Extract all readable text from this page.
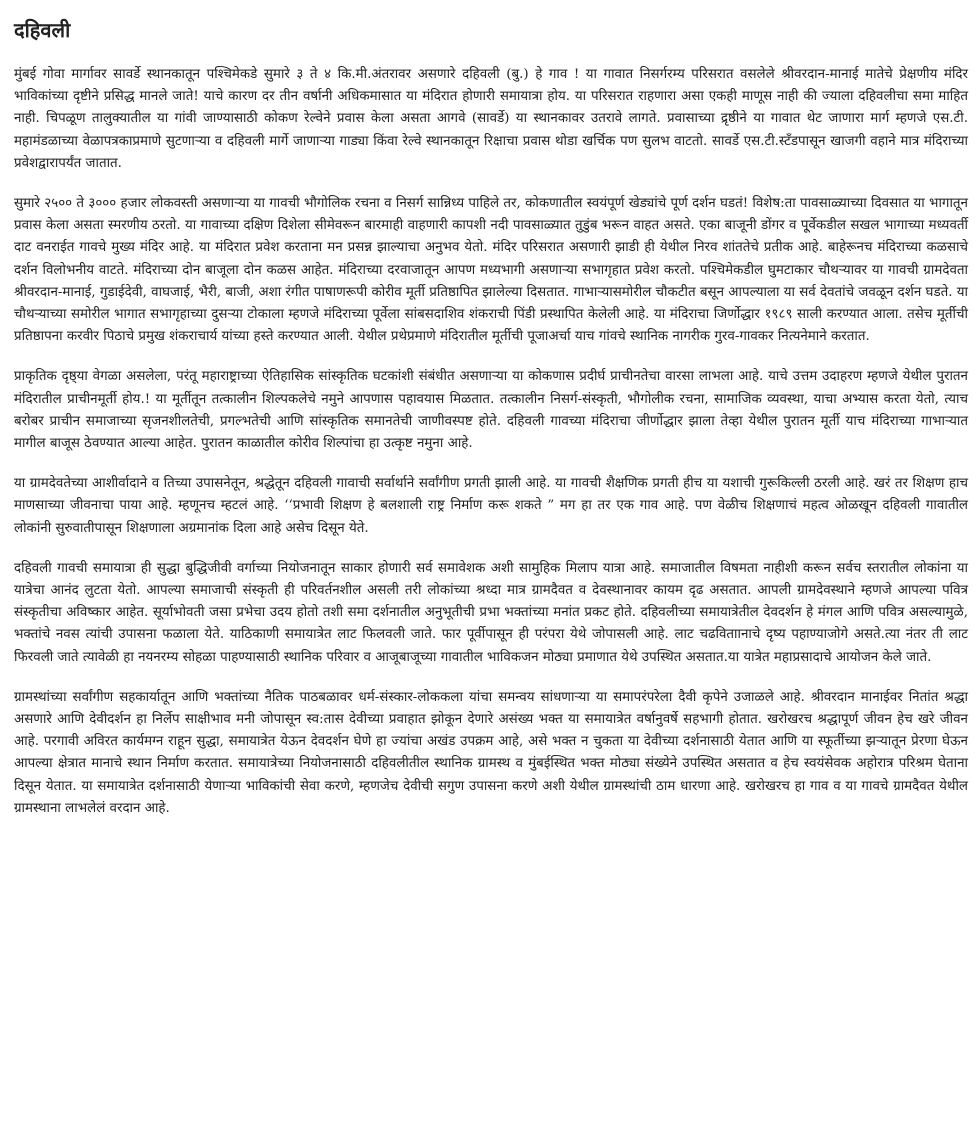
दहिवली

मुंबई गोवा मार्गावर सावर्डे स्थानकातून पश्चिमेकडे सुमारे ३ ते ४ कि.मी.अंतरावर असणारे दहिवली (बु.) हे गाव ! या गावात निसर्गरम्य परिसरात वसलेले श्रीवरदान-मानाई मातेचे प्रेक्षणीय मंदिर भाविकांच्या दृष्टीने प्रसिद्ध मानले जाते! याचे कारण दर तीन वर्षानी अधिकमासात या मंदिरात होणारी समायात्रा होय. या परिसरात राहणारा असा एकही माणूस नाही की ज्याला दहिवलीचा समा माहित नाही. चिपळूण तालुक्यातील या गांवी जाण्यासाठी कोकण रेल्वेने प्रवास केला असता आगवे (सावर्डे) या स्थानकावर उतरावे लागते. प्रवासाच्या द्रृष्ठीने या गावात थेट जाणारा मार्ग म्हणजे एस.टी. महामंडळाच्या वेळापत्रकाप्रमाणे सुटणाऱ्या व दहिवली मार्गे जाणाऱ्या गाड्या किंवा रेल्वे स्थानकातून रिक्षाचा प्रवास थोडा खर्चिक पण सुलभ वाटतो. सावर्डे एस.टी.स्टँडपासून खाजगी वहाने मात्र मंदिराच्या प्रवेशद्वारापर्यंत जातात.

सुमारे २५०० ते ३००० हजार लोकवस्ती असणाऱ्या या गावची भौगोलिक रचना व निसर्ग सान्निध्य पाहिले तर, कोकणातील स्वयंपूर्ण खेड्यांचे पूर्ण दर्शन घडतं! विशेष:ता पावसाळ्याच्या दिवसात या भागातून प्रवास केला असता स्मरणीय ठरतो. या गावाच्या दक्षिण दिशेला सीमेवरून बारमाही वाहणारी कापशी नदी पावसाळ्यात तुडुंब भरून वाहत असते. एका बाजूनी डोंगर व पू्र्वेकडील सखल भागाच्या मध्यवर्ती दाट वनराईत गावचे मुख्य मंदिर आहे. या मंदिरात प्रवेश करताना मन प्रसन्न झाल्याचा अनुभव येतो. मंदिर परिसरात असणारी झाडी ही येथील निरव शांततेचे प्रतीक आहे. बाहेरूनच मंदिराच्या कळसाचे दर्शन विलोभनीय वाटते. मंदिराच्या दोन बाजूला दोन कळस आहेत. मंदिराच्या दरवाजातून आपण मध्यभागी असणाऱ्या सभागृहात प्रवेश करतो. पश्चिमेकडील घुमटाकार चौथऱ्यावर या गावची ग्रामदेवता श्रीवरदान-मानाई, गुडाईदेवी, वाघजाई, भैरी, बाजी, अशा रंगीत पाषाणरूपी कोरीव मूर्ती प्रतिष्ठापित झालेल्या दिसतात. गाभाऱ्यासमोरील चौकटीत बसून आपल्याला या सर्व देवतांचे जवळून दर्शन घडते. या चौथऱ्याच्या समोरील भागात सभागृहाच्या दुसऱ्या टोकाला म्हणजे मंदिराच्या पूर्वेला सांबसदाशिव शंकराची पिंडी प्रस्थापित केलेली आहे. या मंदिराचा जिर्णोद्धार १९८९ साली करण्यात आला. तसेच मूर्तीची प्रतिष्ठापना करवीर पिठाचे प्रमुख शंकराचार्य यांच्या हस्ते करण्यात आली. येथील प्रथेप्रमाणे मंदिरातील मूर्तीची पूजाअर्चा याच गांवचे स्थानिक नागरीक गुरव-गावकर नित्यनेमाने करतात.

प्राकृतिक दृष्ठ्या वेगळा असलेला, परंतू महाराष्ट्राच्या ऐतिहासिक सांस्कृतिक घटकांशी संबंधीत असणाऱ्या या कोकणास प्रदीर्घ प्राचीनतेचा वारसा लाभला आहे. याचे उत्तम उदाहरण म्हणजे येथील पुरातन मंदिरातील प्राचीनमूर्ती होय.! या मूर्तीतून तत्कालीन शिल्पकलेचे नमुने आपणास पहावयास मिळतात. तत्कालीन निसर्ग-संस्कृती, भौगोलीक रचना, सामाजिक व्यवस्था, याचा अभ्यास करता येतो, त्याच बरोबर प्राचीन समाजाच्या सृजनशीलतेची, प्रगल्भतेची आणि सांस्कृतिक समानतेची जाणीवस्पष्ट होते. दहिवली गावच्या मंदिराचा जीर्णोद्धार झाला तेव्हा येथील पुरातन मूर्ती याच मंदिराच्या गाभाऱ्यात मागील बाजूस ठेवण्यात आल्या आहेत. पुरातन काळातील कोरीव शिल्पांचा हा उत्कृष्ट नमुना आहे.

या ग्रामदेवतेच्या आशीर्वादाने व तिच्या उपासनेतून, श्रद्धेतून दहिवली गावाची सर्वार्थाने सर्वांगीण प्रगती झाली आहे. या गावची शैक्षणिक प्रगती हीच या यशाची गुरूकिल्ली ठरली आहे. खरं तर शिक्षण हाच माणसाच्या जीवनाचा पाया आहे. म्हणूनच म्हटलं आहे. ‘‘प्रभावी शिक्षण हे बलशाली राष्ट्र निर्माण करू शकते ” मग हा तर एक गाव आहे. पण वेळीच शिक्षणाचं महत्व ओळखून दहिवली गावातील लोकांनी सुरुवातीपासून शिक्षणाला अग्रमानांक दिला आहे असेच दिसून येते.

दहिवली गावची समायात्रा ही सुद्धा बुद्धिजीवी वर्गाच्या नियोजनातून साकार होणारी सर्व समावेशक अशी सामुहिक मिलाप यात्रा आहे. समाजातील विषमता नाहीशी करून सर्वच स्तरातील लोकांना या यात्रेचा आनंद लुटता येतो. आपल्या समाजाची संस्कृती ही परिवर्तनशील असली तरी लोकांच्या श्रध्दा मात्र ग्रामदैवत व देवस्थानावर कायम दृढ असतात. आपली ग्रामदेवस्थाने म्हणजे आपल्या पवित्र संस्कृतीचा अविष्कार आहेत. सूर्याभोवती जसा प्रभेचा उदय होतो तशी समा दर्शनातील अनुभूतीची प्रभा भक्तांच्या मनांत प्रकट होते. दहिवलीच्या समायात्रेतील देवदर्शन हे मंगल आणि पवित्र असल्यामुळे, भक्तांचे नवस त्यांची उपासना फळाला येते. याठिकाणी समायात्रेत लाट फिलवली जाते. फार पूर्वीपासून ही परंपरा येथे जोपासली आहे. लाट चढविताानाचे दृष्य पहाण्याजोगे असते.त्या नंतर ती लाट फिरवली जाते त्यावेळी हा नयनरम्य सोहळा पाहण्यासाठी स्थानिक परिवार व आजूबाजूच्या गावातील भाविकजन मोठ्या प्रमाणात येथे उपस्थित असतात.या यात्रेत महाप्रसादाचे आयोजन केले जाते.

ग्रामस्थांच्या सर्वांगीण सहकार्यातून आणि भक्तांच्या नैतिक पाठबळावर धर्म-संस्कार-लोककला यांचा समन्वय सांधणाऱ्या या समापरंपरेला दैवी कृपेने उजाळले आहे. श्रीवरदान मानाईवर नितांत श्रद्धा असणारे आणि देवीदर्शन हा निर्लेप साक्षीभाव मनी जोपासून स्व:तास देवीच्या प्रवाहात झोकून देणारे असंख्य भक्त या समायात्रेत वर्षानुवर्षे सहभागी होतात. खरोखरच श्रद्धापूर्ण जीवन हेच खरे जीवन आहे. परगावी अविरत कार्यमग्न राहून सुद्धा, समायात्रेत येऊन देवदर्शन घेणे हा ज्यांचा अखंड उपक्रम आहे, असे भक्त न चुकता या देवीच्या दर्शनासाठी येतात आणि या स्फूर्तीच्या झऱ्यातून प्रेरणा घेऊन आपल्या क्षेत्रात मानाचे स्थान निर्माण करतात. समायात्रेच्या नियोजनासाठी दहिवलीतील स्थानिक ग्रामस्थ व मुंबईस्थित भक्त मोठ्या संख्येने उपस्थित असतात व हेच स्वयंसेवक अहोरात्र परिश्रम घेताना दिसून येतात. या समायात्रेत दर्शनासाठी येणाऱ्या भाविकांची सेवा करणे, म्हणजेच देवीची सगुण उपासना करणे अशी येथील ग्रामस्थांची ठाम धारणा आहे. खरोखरच हा गाव व या गावचे ग्रामदैवत येथील ग्रामस्थाना लाभलेलं वरदान आहे.
